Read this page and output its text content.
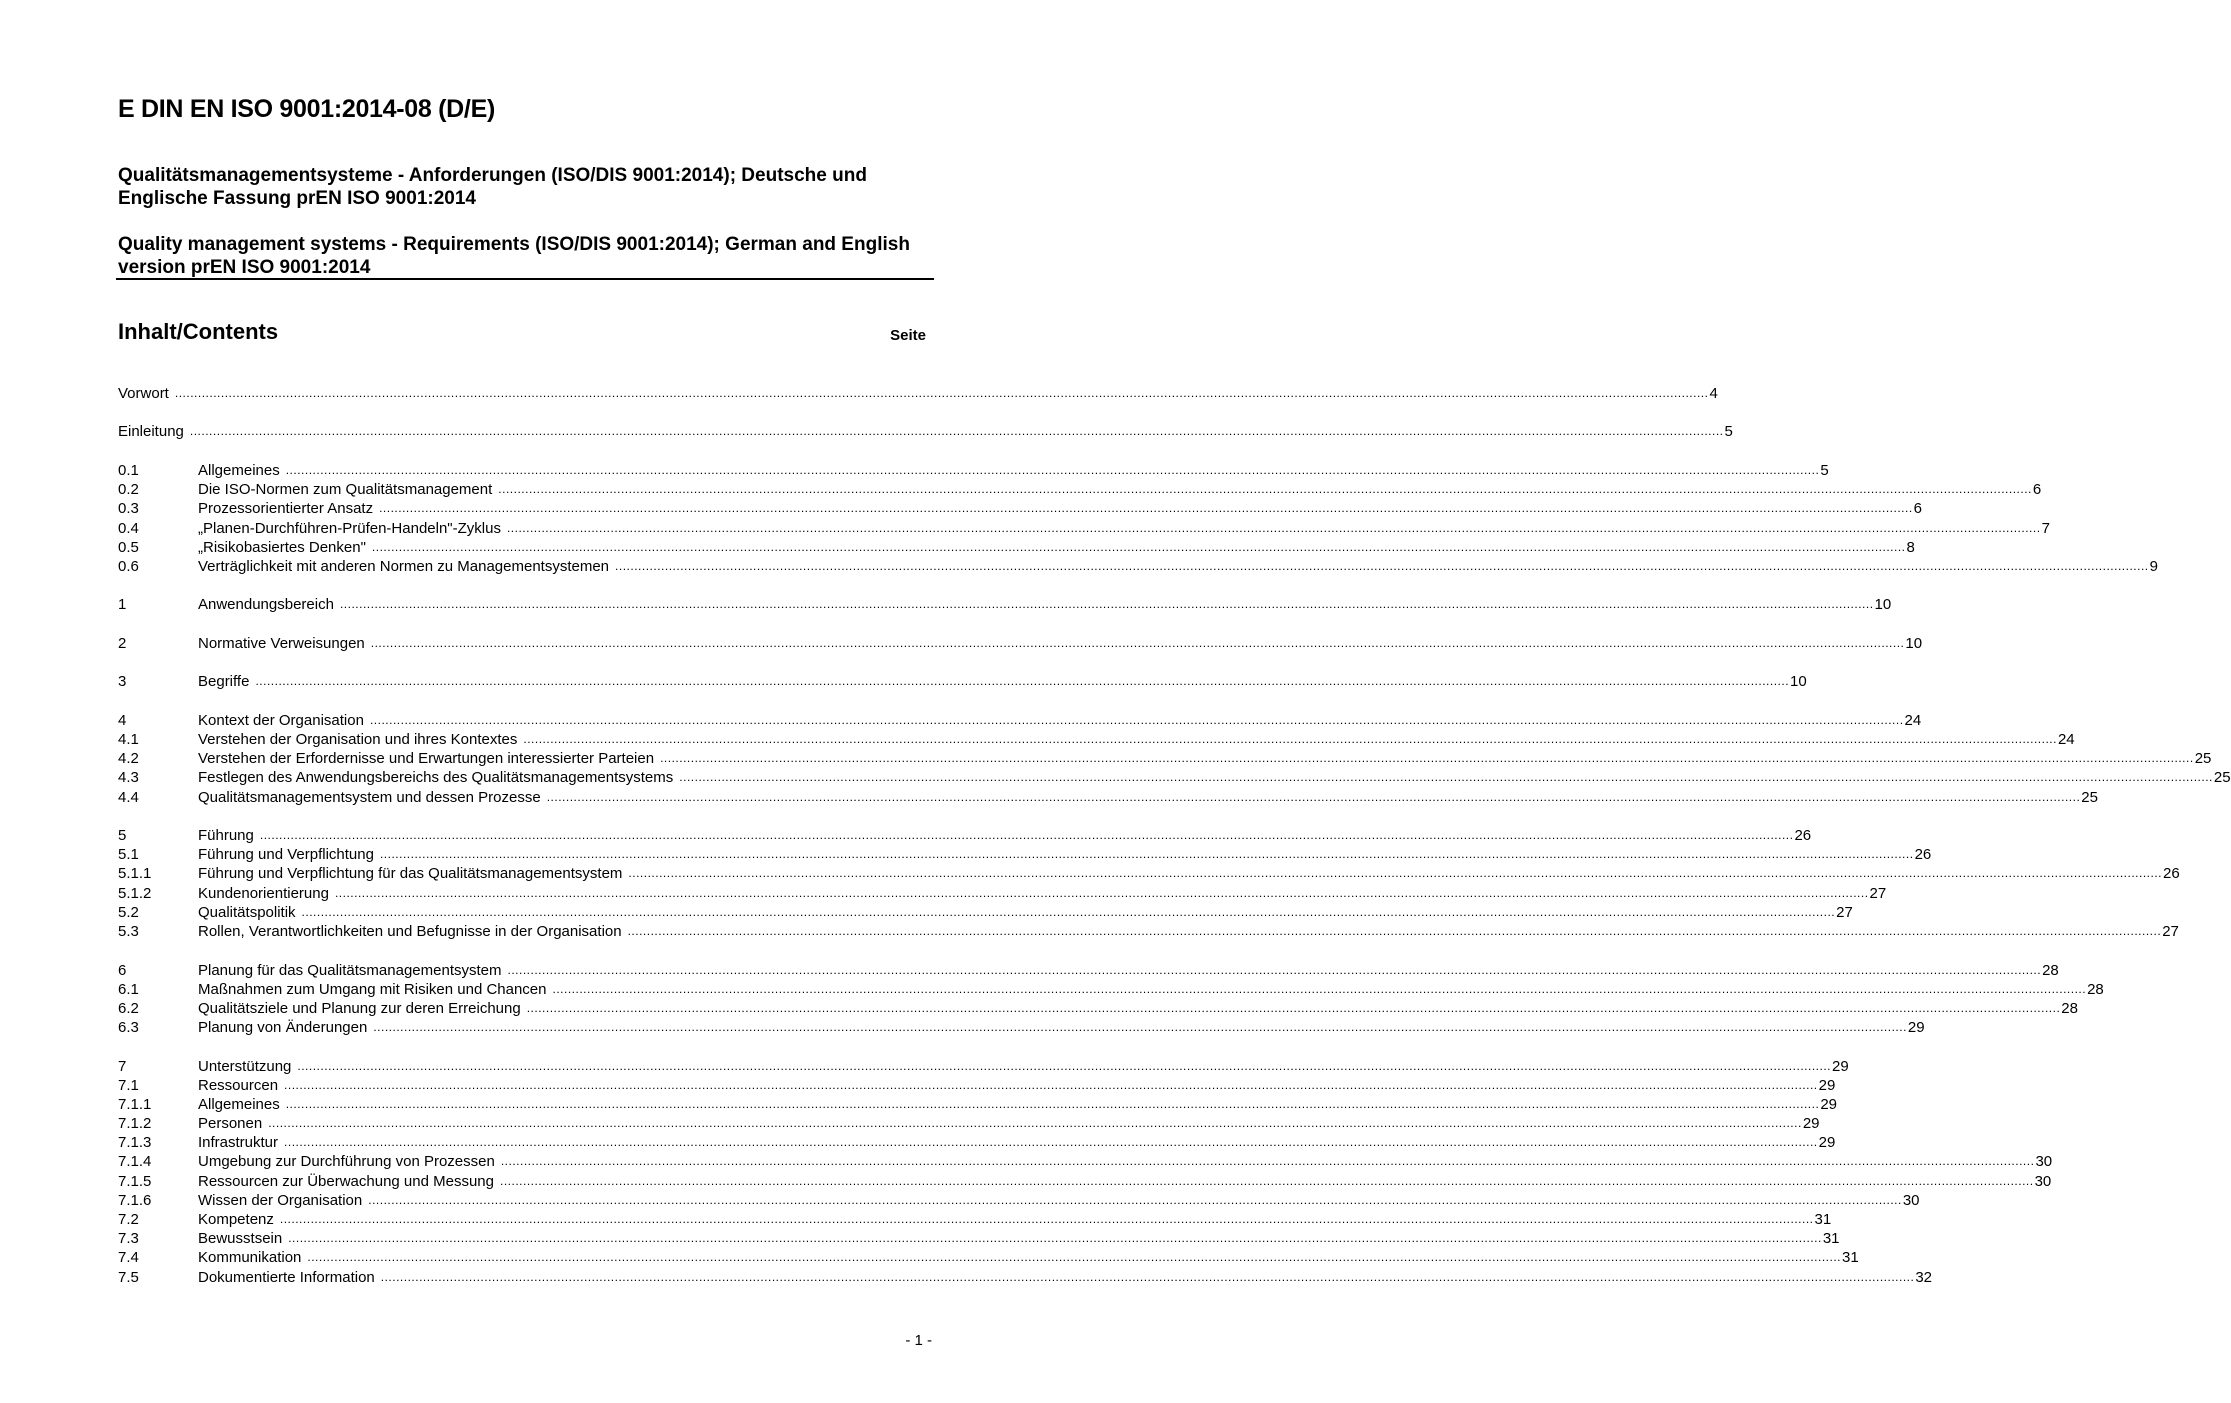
E DIN EN ISO 9001:2014-08 (D/E)

Qualitätsmanagementsysteme - Anforderungen (ISO/DIS 9001:2014); Deutsche und Englische Fassung prEN ISO 9001:2014

Quality management systems - Requirements (ISO/DIS 9001:2014); German and English version prEN ISO 9001:2014

Inhalt/Contents	Seite
Vorwort ................................................................................................................................................................................................................................................................................................................................................................................................................ 4
Einleitung ................................................................................................................................................................................................................................................................................................................................................................................................................ 5
0.1	Allgemeines ................................................................................................................................................................................................................................................................................................................................................................................................................ 5
0.2	Die ISO-Normen zum Qualitätsmanagement ................................................................................................................................................................................................................................................................................................................................................................................................................ 6
0.3	Prozessorientierter Ansatz ................................................................................................................................................................................................................................................................................................................................................................................................................ 6
0.4	„Planen-Durchführen-Prüfen-Handeln"-Zyklus ................................................................................................................................................................................................................................................................................................................................................................................................................ 7
0.5	„Risikobasiertes Denken" ................................................................................................................................................................................................................................................................................................................................................................................................................ 8
0.6	Verträglichkeit mit anderen Normen zu Managementsystemen ................................................................................................................................................................................................................................................................................................................................................................................................................ 9
1	Anwendungsbereich ................................................................................................................................................................................................................................................................................................................................................................................................................ 10
2	Normative Verweisungen ................................................................................................................................................................................................................................................................................................................................................................................................................ 10
3	Begriffe ................................................................................................................................................................................................................................................................................................................................................................................................................ 10
4	Kontext der Organisation ................................................................................................................................................................................................................................................................................................................................................................................................................ 24
4.1	Verstehen der Organisation und ihres Kontextes ................................................................................................................................................................................................................................................................................................................................................................................................................ 24
4.2	Verstehen der Erfordernisse und Erwartungen interessierter Parteien ................................................................................................................................................................................................................................................................................................................................................................................................................ 25
4.3	Festlegen des Anwendungsbereichs des Qualitätsmanagementsystems ................................................................................................................................................................................................................................................................................................................................................................................................................ 25
4.4	Qualitätsmanagementsystem und dessen Prozesse ................................................................................................................................................................................................................................................................................................................................................................................................................ 25
5	Führung ................................................................................................................................................................................................................................................................................................................................................................................................................ 26
5.1	Führung und Verpflichtung ................................................................................................................................................................................................................................................................................................................................................................................................................ 26
5.1.1	Führung und Verpflichtung für das Qualitätsmanagementsystem ................................................................................................................................................................................................................................................................................................................................................................................................................ 26
5.1.2	Kundenorientierung ................................................................................................................................................................................................................................................................................................................................................................................................................ 27
5.2	Qualitätspolitik ................................................................................................................................................................................................................................................................................................................................................................................................................ 27
5.3	Rollen, Verantwortlichkeiten und Befugnisse in der Organisation ................................................................................................................................................................................................................................................................................................................................................................................................................ 27
6	Planung für das Qualitätsmanagementsystem ................................................................................................................................................................................................................................................................................................................................................................................................................ 28
6.1	Maßnahmen zum Umgang mit Risiken und Chancen ................................................................................................................................................................................................................................................................................................................................................................................................................ 28
6.2	Qualitätsziele und Planung zur deren Erreichung ................................................................................................................................................................................................................................................................................................................................................................................................................ 28
6.3	Planung von Änderungen ................................................................................................................................................................................................................................................................................................................................................................................................................ 29
7	Unterstützung ................................................................................................................................................................................................................................................................................................................................................................................................................ 29
7.1	Ressourcen ................................................................................................................................................................................................................................................................................................................................................................................................................ 29
7.1.1	Allgemeines ................................................................................................................................................................................................................................................................................................................................................................................................................ 29
7.1.2	Personen ................................................................................................................................................................................................................................................................................................................................................................................................................ 29
7.1.3	Infrastruktur ................................................................................................................................................................................................................................................................................................................................................................................................................ 29
7.1.4	Umgebung zur Durchführung von Prozessen ................................................................................................................................................................................................................................................................................................................................................................................................................ 30
7.1.5	Ressourcen zur Überwachung und Messung ................................................................................................................................................................................................................................................................................................................................................................................................................ 30
7.1.6	Wissen der Organisation ................................................................................................................................................................................................................................................................................................................................................................................................................ 30
7.2	Kompetenz ................................................................................................................................................................................................................................................................................................................................................................................................................ 31
7.3	Bewusstsein ................................................................................................................................................................................................................................................................................................................................................................................................................ 31
7.4	Kommunikation ................................................................................................................................................................................................................................................................................................................................................................................................................ 31
7.5	Dokumentierte Information ................................................................................................................................................................................................................................................................................................................................................................................................................ 32
- 1 -
